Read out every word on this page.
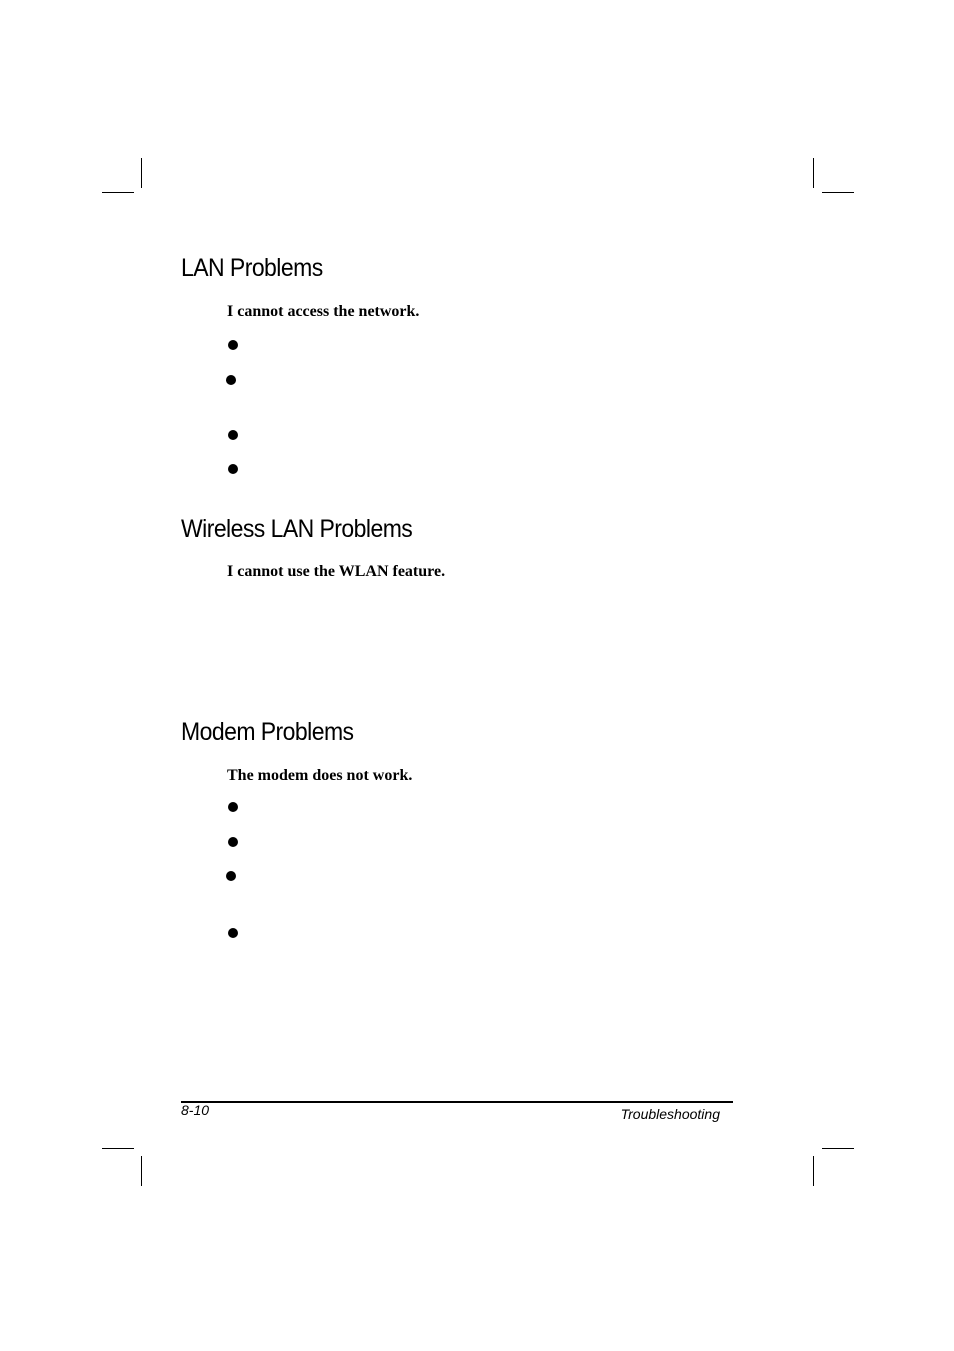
LAN Problems

I cannot access the network.

Wireless LAN Problems

I cannot use the WLAN feature.

Modem Problems

The modem does not work.

8-10	Troubleshooting
